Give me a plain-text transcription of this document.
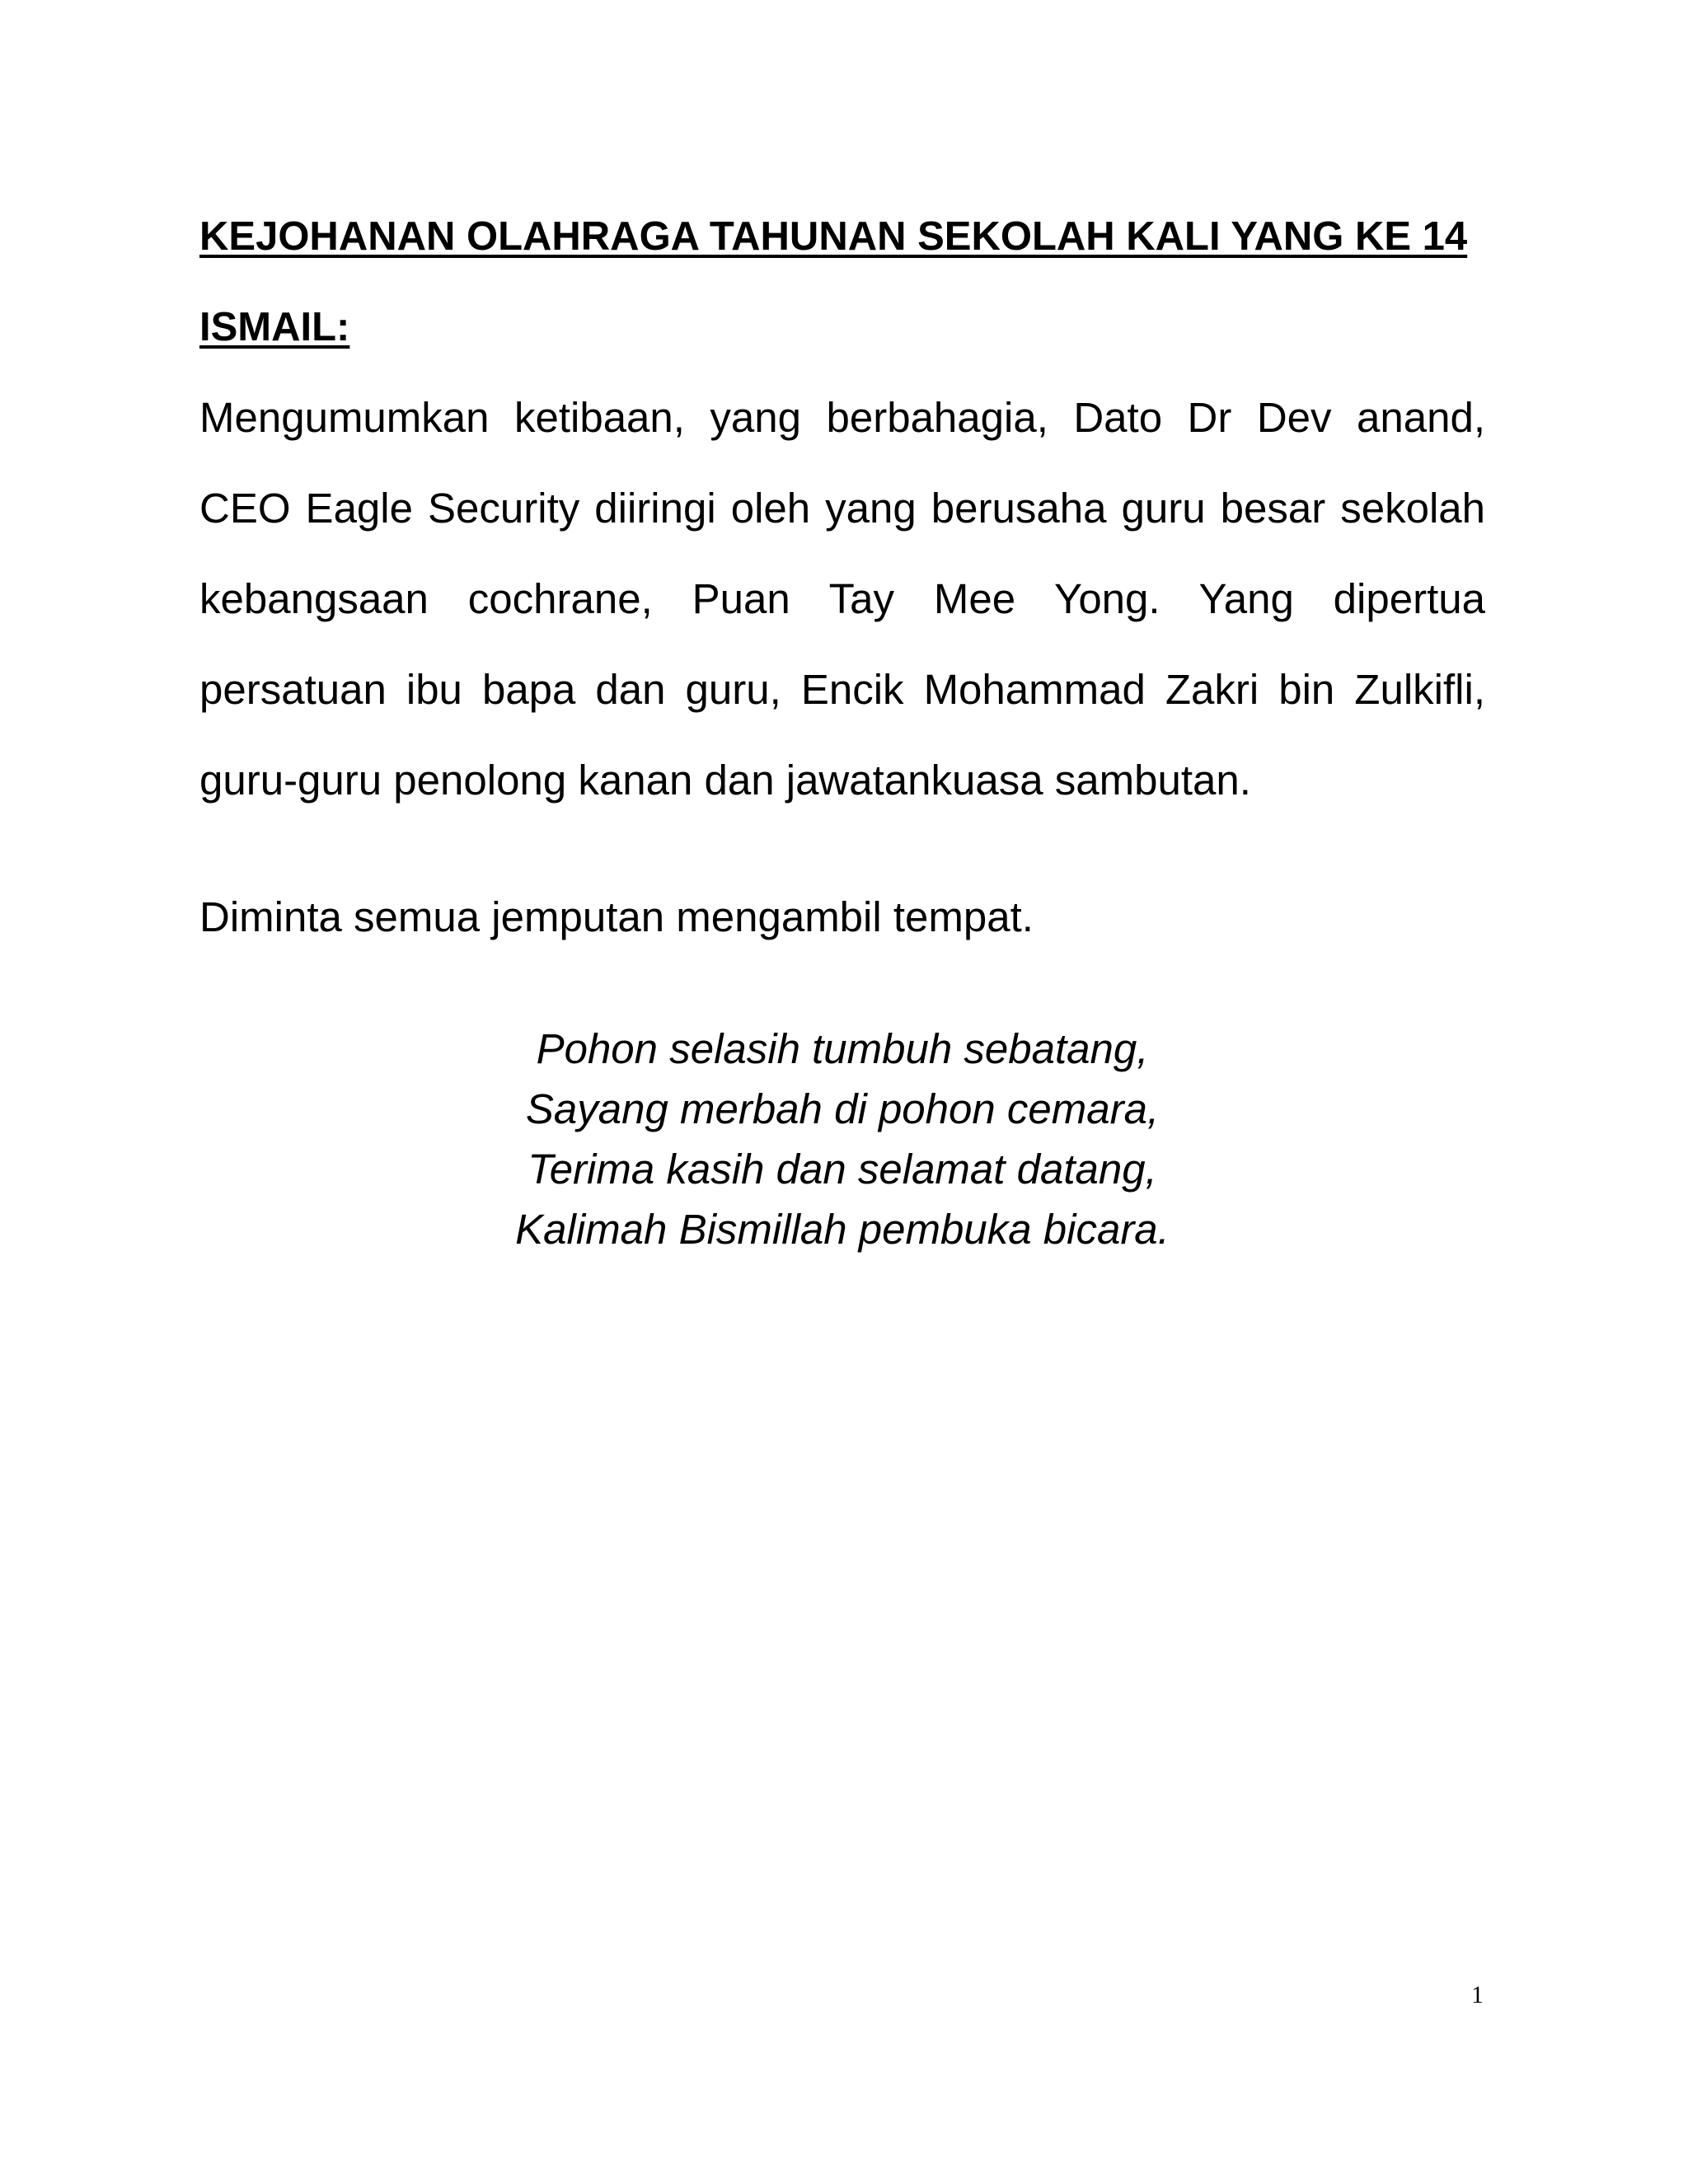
KEJOHANAN OLAHRAGA TAHUNAN SEKOLAH KALI YANG KE 14

ISMAIL:

Mengumumkan ketibaan, yang berbahagia, Dato Dr Dev anand, CEO Eagle Security diiringi oleh yang berusaha guru besar sekolah kebangsaan cochrane, Puan Tay Mee Yong. Yang dipertua persatuan ibu bapa dan guru, Encik Mohammad Zakri bin Zulkifli, guru-guru penolong kanan dan jawatankuasa sambutan.

Diminta semua jemputan mengambil tempat.

Pohon selasih tumbuh sebatang,
Sayang merbah di pohon cemara,
Terima kasih dan selamat datang,
Kalimah Bismillah pembuka bicara.
1
